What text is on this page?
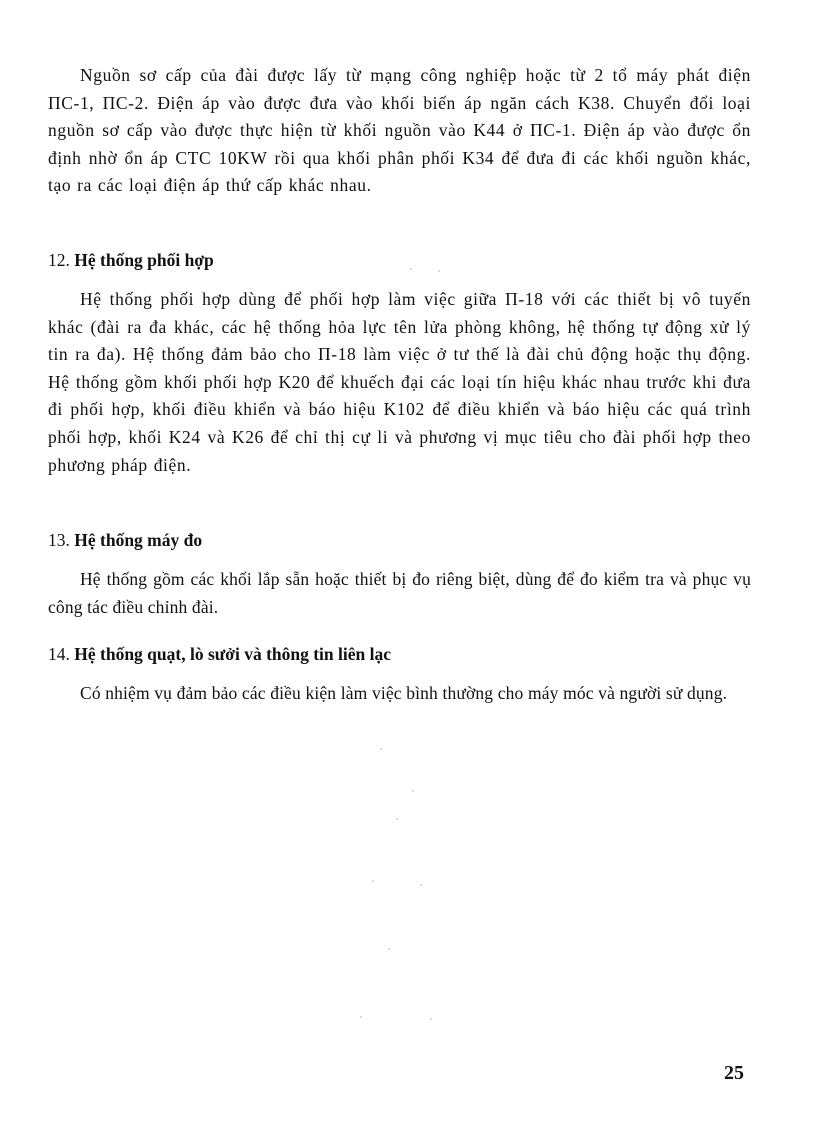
Nguồn sơ cấp của đài được lấy từ mạng công nghiệp hoặc từ 2 tổ máy phát điện ПС-1, ПС-2. Điện áp vào được đưa vào khối biến áp ngăn cách K38. Chuyển đổi loại nguồn sơ cấp vào được thực hiện từ khối nguồn vào K44 ở ПС-1. Điện áp vào được ổn định nhờ ổn áp CTC 10KW rồi qua khối phân phối K34 để đưa đi các khối nguồn khác, tạo ra các loại điện áp thứ cấp khác nhau.

12. Hệ thống phối hợp

Hệ thống phối hợp dùng để phối hợp làm việc giữa П-18 với các thiết bị vô tuyến khác (đài ra đa khác, các hệ thống hỏa lực tên lửa phòng không, hệ thống tự động xử lý tin ra đa). Hệ thống đảm bảo cho П-18 làm việc ở tư thế là đài chủ động hoặc thụ động. Hệ thống gồm khối phối hợp K20 để khuếch đại các loại tín hiệu khác nhau trước khi đưa đi phối hợp, khối điều khiển và báo hiệu K102 để điều khiển và báo hiệu các quá trình phối hợp, khối K24 và K26 để chỉ thị cự li và phương vị mục tiêu cho đài phối hợp theo phương pháp điện.

13. Hệ thống máy đo

Hệ thống gồm các khối lắp sẵn hoặc thiết bị đo riêng biệt, dùng để đo kiểm tra và phục vụ công tác điều chỉnh đài.

14. Hệ thống quạt, lò sưởi và thông tin liên lạc

Có nhiệm vụ đảm bảo các điều kiện làm việc bình thường cho máy móc và người sử dụng.

25
